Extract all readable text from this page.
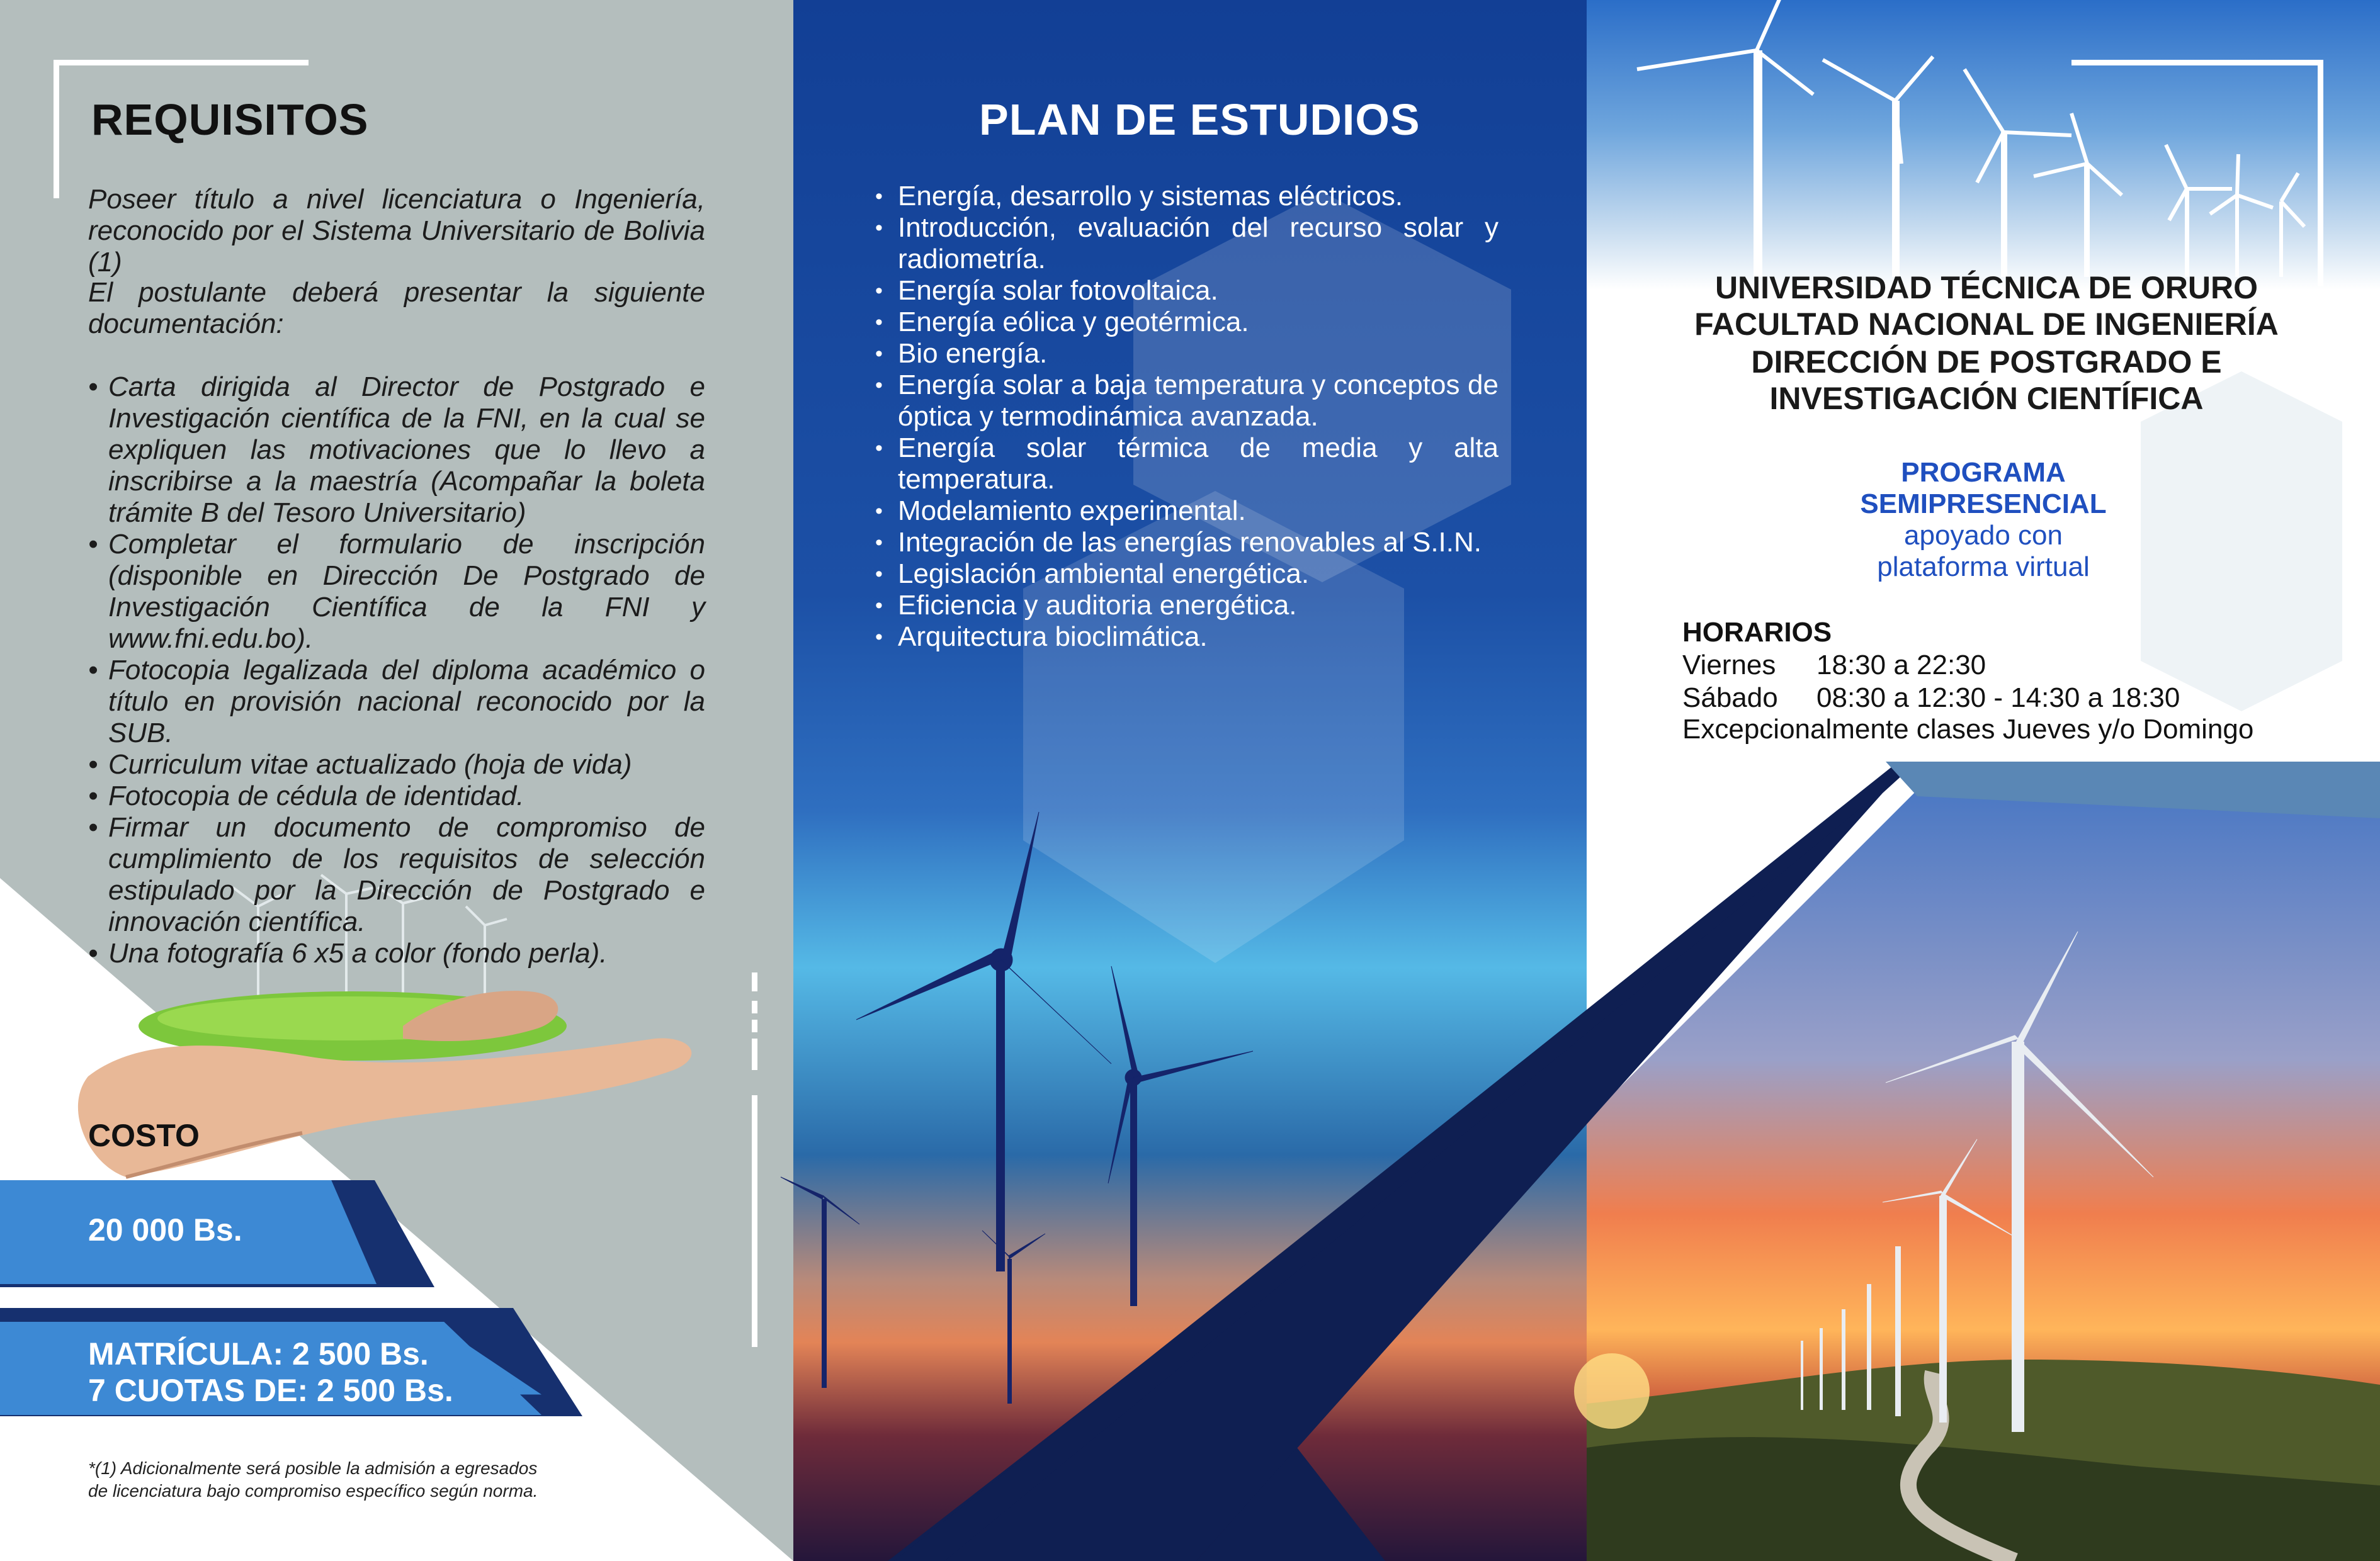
REQUISITOS
Poseer título a nivel licenciatura o Ingeniería, reconocido por el Sistema Universitario de Bolivia (1)
El postulante deberá presentar la siguiente documentación:
• Carta dirigida al Director de Postgrado e Investigación científica de la FNI, en la cual se expliquen las motivaciones que lo llevo a inscribirse a la maestría (Acompañar la boleta trámite B del Tesoro Universitario)
• Completar el formulario de inscripción (disponible en Dirección De Postgrado de Investigación Científica de la FNI y www.fni.edu.bo).
• Fotocopia legalizada del diploma académico o título en provisión nacional reconocido por la SUB.
• Curriculum vitae actualizado (hoja de vida)
• Fotocopia de cédula de identidad.
• Firmar un documento de compromiso de cumplimiento de los requisitos de selección estipulado por la Dirección de Postgrado e innovación científica.
• Una fotografía 6 x5 a color (fondo perla).
COSTO
20 000 Bs.
MATRÍCULA: 2 500 Bs.
7 CUOTAS DE: 2 500 Bs.
*(1) Adicionalmente será posible la admisión a egresados
de licenciatura bajo compromiso específico según norma.
PLAN DE ESTUDIOS
• Energía, desarrollo y sistemas eléctricos.
• Introducción, evaluación del recurso solar y radiometría.
• Energía solar fotovoltaica.
• Energía eólica y geotérmica.
• Bio energía.
• Energía solar a baja temperatura y conceptos de óptica y termodinámica avanzada.
• Energía solar térmica de media y alta temperatura.
• Modelamiento experimental.
• Integración de las energías renovables al S.I.N.
• Legislación ambiental energética.
• Eficiencia y auditoria energética.
• Arquitectura bioclimática.
UNIVERSIDAD TÉCNICA DE ORURO
FACULTAD NACIONAL DE INGENIERÍA
DIRECCIÓN DE POSTGRADO E
INVESTIGACIÓN CIENTÍFICA
PROGRAMA
SEMIPRESENCIAL
apoyado con
plataforma virtual
HORARIOS
Viernes 18:30 a 22:30
Sábado 08:30 a 12:30 - 14:30 a 18:30
Excepcionalmente clases Jueves y/o Domingo
